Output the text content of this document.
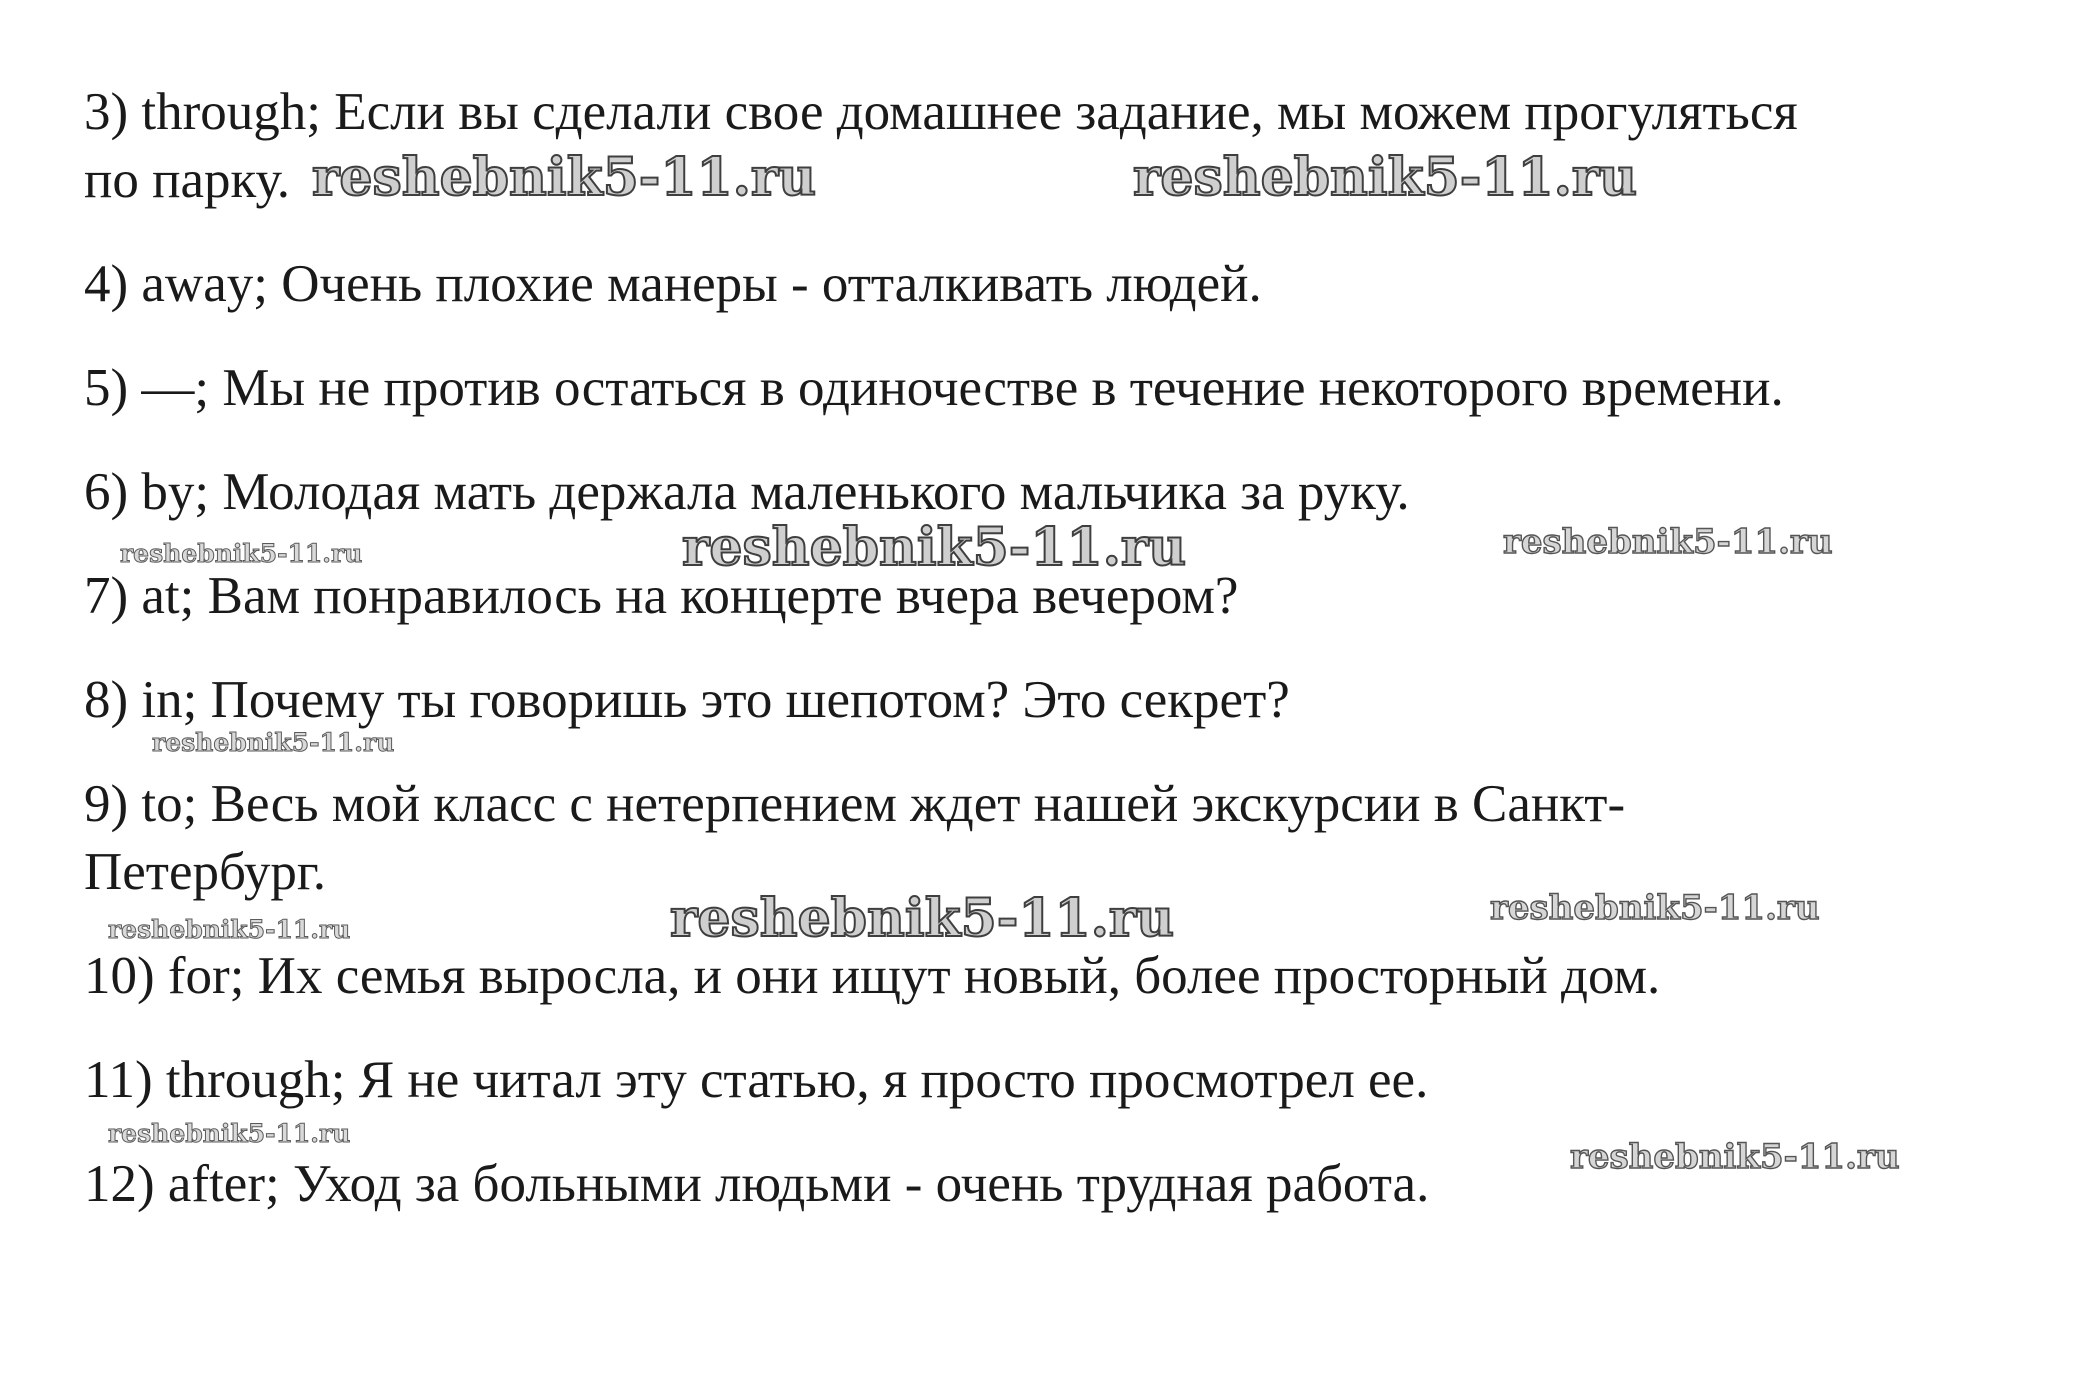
3) through; Если вы сделали свое домашнее задание, мы можем прогуляться

по парку.

4) away; Очень плохие манеры - отталкивать людей.

5) —; Мы не против остаться в одиночестве в течение некоторого времени.

6) by; Молодая мать держала маленького мальчика за руку.

7) at; Вам понравилось на концерте вчера вечером?

8) in; Почему ты говоришь это шепотом? Это секрет?

9) to; Весь мой класс с нетерпением ждет нашей экскурсии в Санкт-

Петербург.

10) for; Их семья выросла, и они ищут новый, более просторный дом.

11) through; Я не читал эту статью, я просто просмотрел ее.

12) after; Уход за больными людьми - очень трудная работа.

reshebnik5-11.ru	reshebnik5-11.ru
reshebnik5-11.ru	reshebnik5-11.ru	reshebnik5-11.ru
reshebnik5-11.ru
reshebnik5-11.ru	reshebnik5-11.ru	reshebnik5-11.ru
reshebnik5-11.ru
reshebnik5-11.ru
